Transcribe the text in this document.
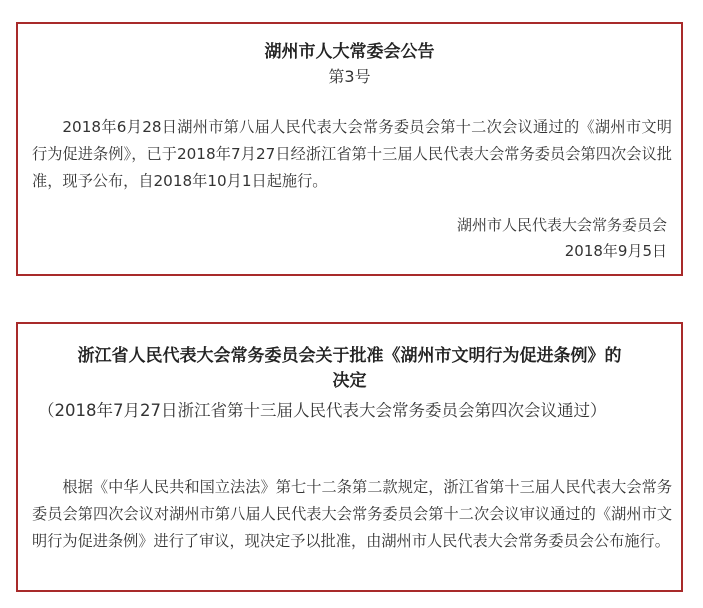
湖州市人大常委会公告
第3号

2018年6月28日湖州市第八届人民代表大会常务委员会第十二次会议通过的《湖州市文明行为促进条例》，已于2018年7月27日经浙江省第十三届人民代表大会常务委员会第四次会议批准，现予公布，自2018年10月1日起施行。

湖州市人民代表大会常务委员会
2018年9月5日
浙江省人民代表大会常务委员会关于批准《湖州市文明行为促进条例》的
决定

（2018年7月27日浙江省第十三届人民代表大会常务委员会第四次会议通过）

根据《中华人民共和国立法法》第七十二条第二款规定，浙江省第十三届人民代表大会常务委员会第四次会议对湖州市第八届人民代表大会常务委员会第十二次会议审议通过的《湖州市文明行为促进条例》进行了审议，现决定予以批准，由湖州市人民代表大会常务委员会公布施行。
